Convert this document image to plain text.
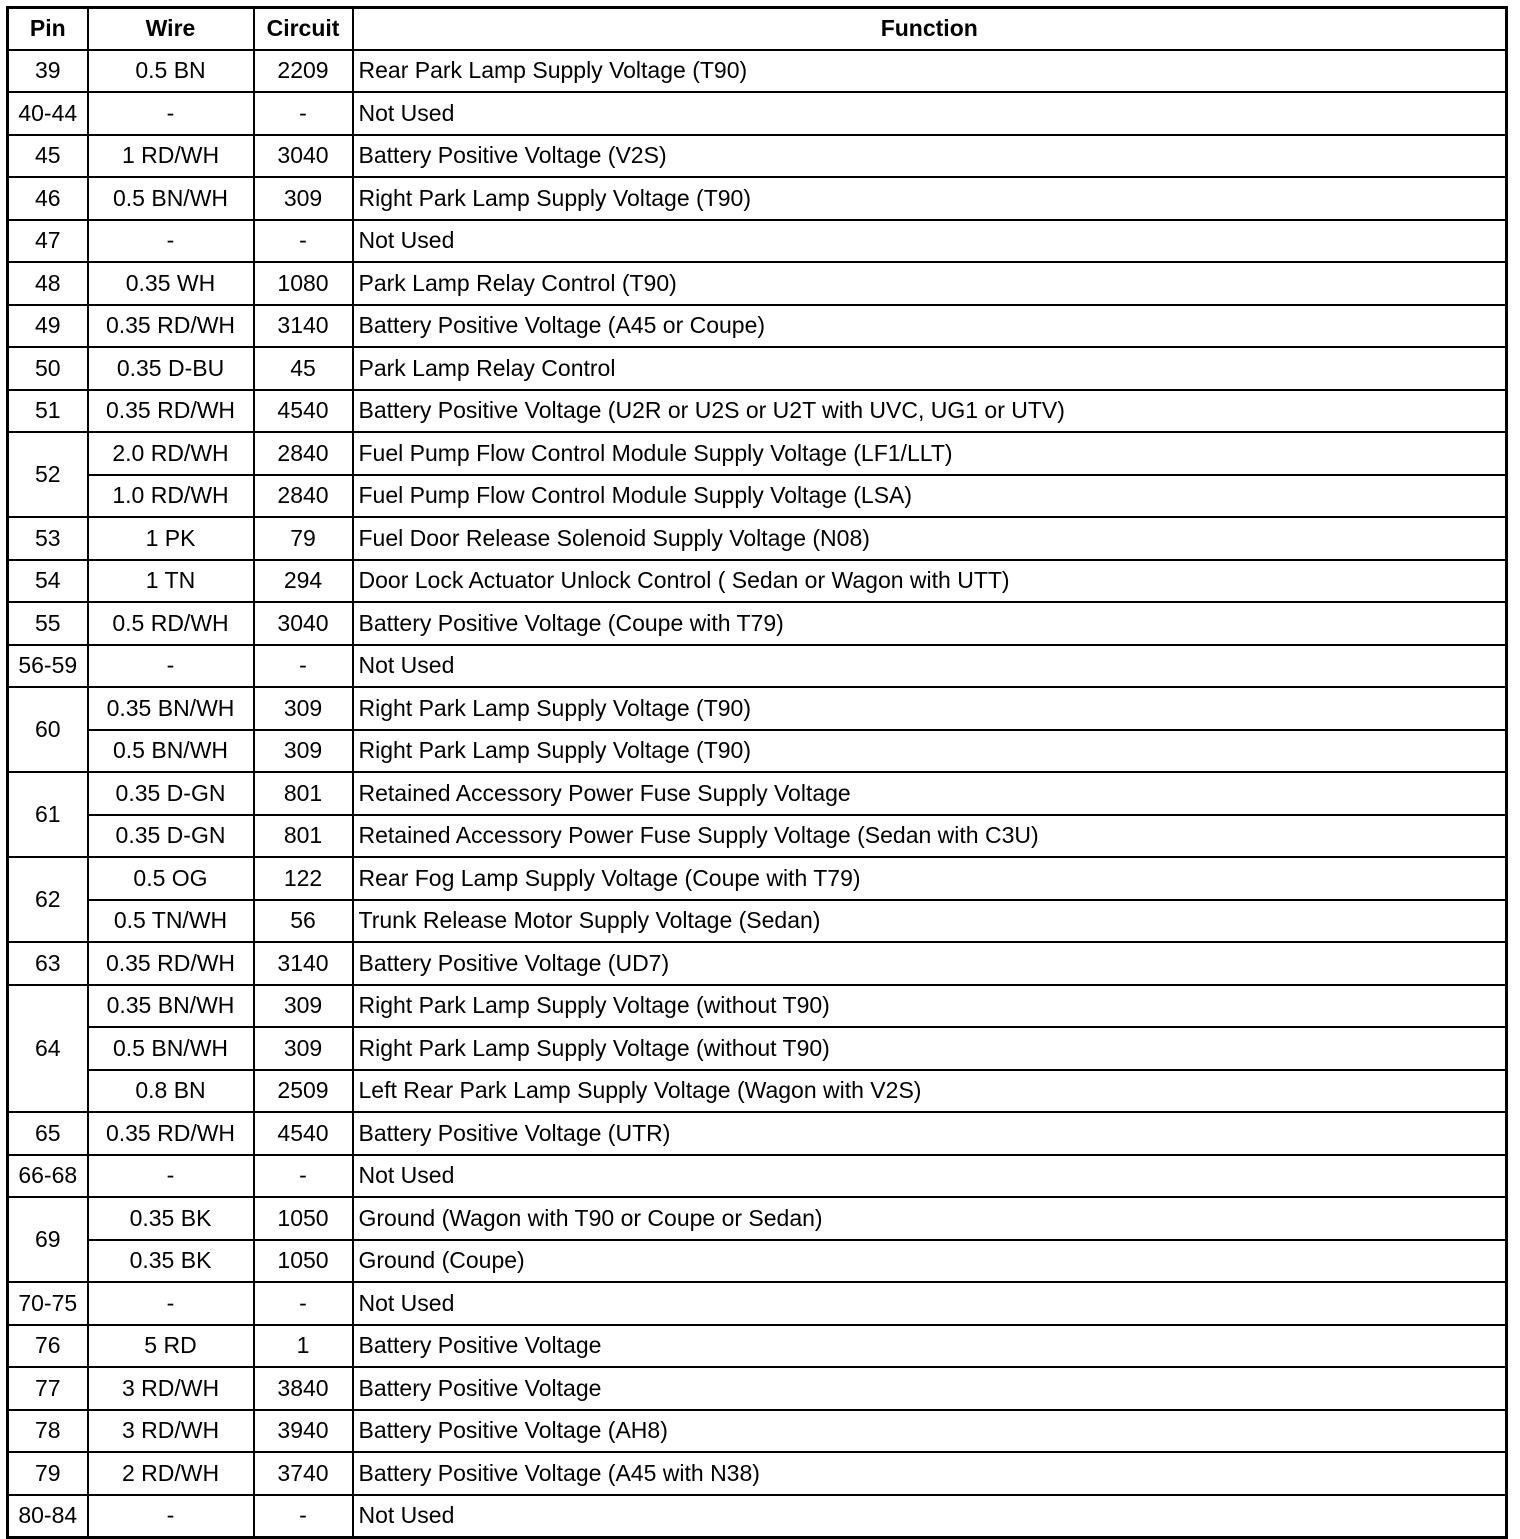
Pin	Wire	Circuit	Function
39	0.5 BN	2209	Rear Park Lamp Supply Voltage (T90)
40-44	-	-	Not Used
45	1 RD/WH	3040	Battery Positive Voltage (V2S)
46	0.5 BN/WH	309	Right Park Lamp Supply Voltage (T90)
47	-	-	Not Used
48	0.35 WH	1080	Park Lamp Relay Control (T90)
49	0.35 RD/WH	3140	Battery Positive Voltage (A45 or Coupe)
50	0.35 D-BU	45	Park Lamp Relay Control
51	0.35 RD/WH	4540	Battery Positive Voltage (U2R or U2S or U2T with UVC, UG1 or UTV)
52	2.0 RD/WH	2840	Fuel Pump Flow Control Module Supply Voltage (LF1/LLT)
	1.0 RD/WH	2840	Fuel Pump Flow Control Module Supply Voltage (LSA)
53	1 PK	79	Fuel Door Release Solenoid Supply Voltage (N08)
54	1 TN	294	Door Lock Actuator Unlock Control ( Sedan or Wagon with UTT)
55	0.5 RD/WH	3040	Battery Positive Voltage (Coupe with T79)
56-59	-	-	Not Used
60	0.35 BN/WH	309	Right Park Lamp Supply Voltage (T90)
	0.5 BN/WH	309	Right Park Lamp Supply Voltage (T90)
61	0.35 D-GN	801	Retained Accessory Power Fuse Supply Voltage
	0.35 D-GN	801	Retained Accessory Power Fuse Supply Voltage (Sedan with C3U)
62	0.5 OG	122	Rear Fog Lamp Supply Voltage (Coupe with T79)
	0.5 TN/WH	56	Trunk Release Motor Supply Voltage (Sedan)
63	0.35 RD/WH	3140	Battery Positive Voltage (UD7)
64	0.35 BN/WH	309	Right Park Lamp Supply Voltage (without T90)
	0.5 BN/WH	309	Right Park Lamp Supply Voltage (without T90)
	0.8 BN	2509	Left Rear Park Lamp Supply Voltage (Wagon with V2S)
65	0.35 RD/WH	4540	Battery Positive Voltage (UTR)
66-68	-	-	Not Used
69	0.35 BK	1050	Ground (Wagon with T90 or Coupe or Sedan)
	0.35 BK	1050	Ground (Coupe)
70-75	-	-	Not Used
76	5 RD	1	Battery Positive Voltage
77	3 RD/WH	3840	Battery Positive Voltage
78	3 RD/WH	3940	Battery Positive Voltage (AH8)
79	2 RD/WH	3740	Battery Positive Voltage (A45 with N38)
80-84	-	-	Not Used
